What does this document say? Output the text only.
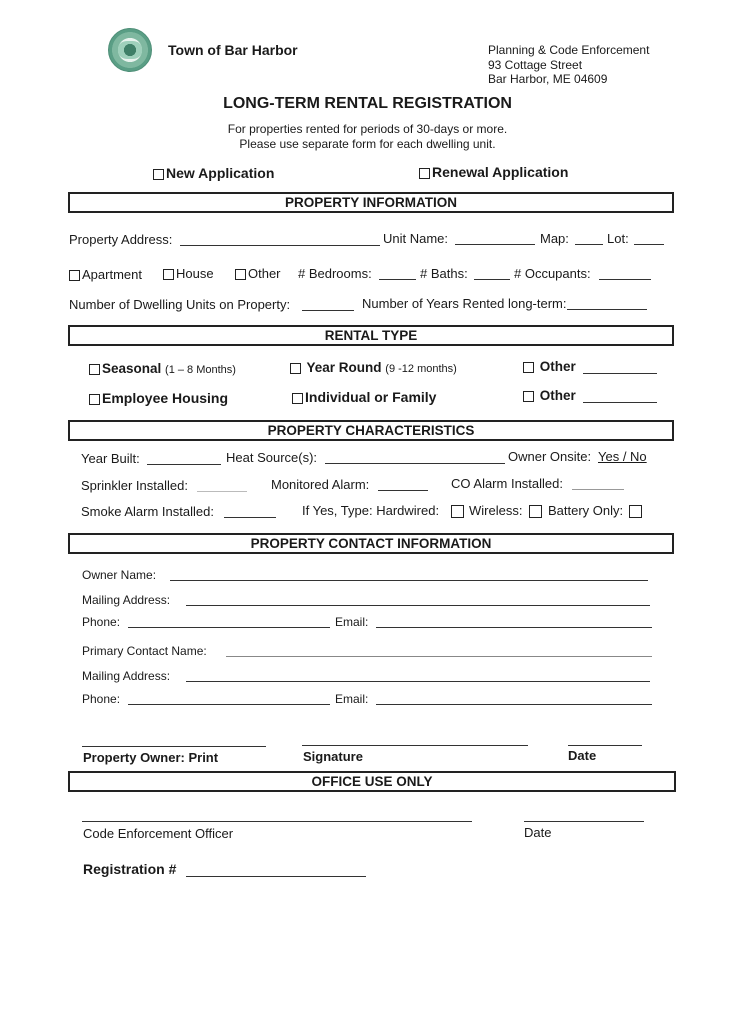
Town of Bar Harbor	Planning & Code Enforcement
93 Cottage Street
Bar Harbor, ME 04609
LONG-TERM RENTAL REGISTRATION
For properties rented for periods of 30-days or more.
Please use separate form for each dwelling unit.
New Application	Renewal Application
PROPERTY INFORMATION
Property Address:	Unit Name:	Map:	Lot:
Apartment	House	Other # Bedrooms:	# Baths:	# Occupants:
Number of Dwelling Units on Property:	Number of Years Rented long-term:
RENTAL TYPE
Seasonal (1 – 8 Months)	Year Round (9 -12 months)	Other
Employee Housing	Individual or Family	Other
PROPERTY CHARACTERISTICS
Year Built:	Heat Source(s):	Owner Onsite: Yes / No
Sprinkler Installed:	Monitored Alarm:	CO Alarm Installed:
Smoke Alarm Installed:	If Yes, Type: Hardwired: Wireless: Battery Only:
PROPERTY CONTACT INFORMATION
Owner Name:
Mailing Address:
Phone:	Email:
Primary Contact Name:
Mailing Address:
Phone:	Email:
Property Owner: Print	Signature	Date
OFFICE USE ONLY
Code Enforcement Officer	Date
Registration #
